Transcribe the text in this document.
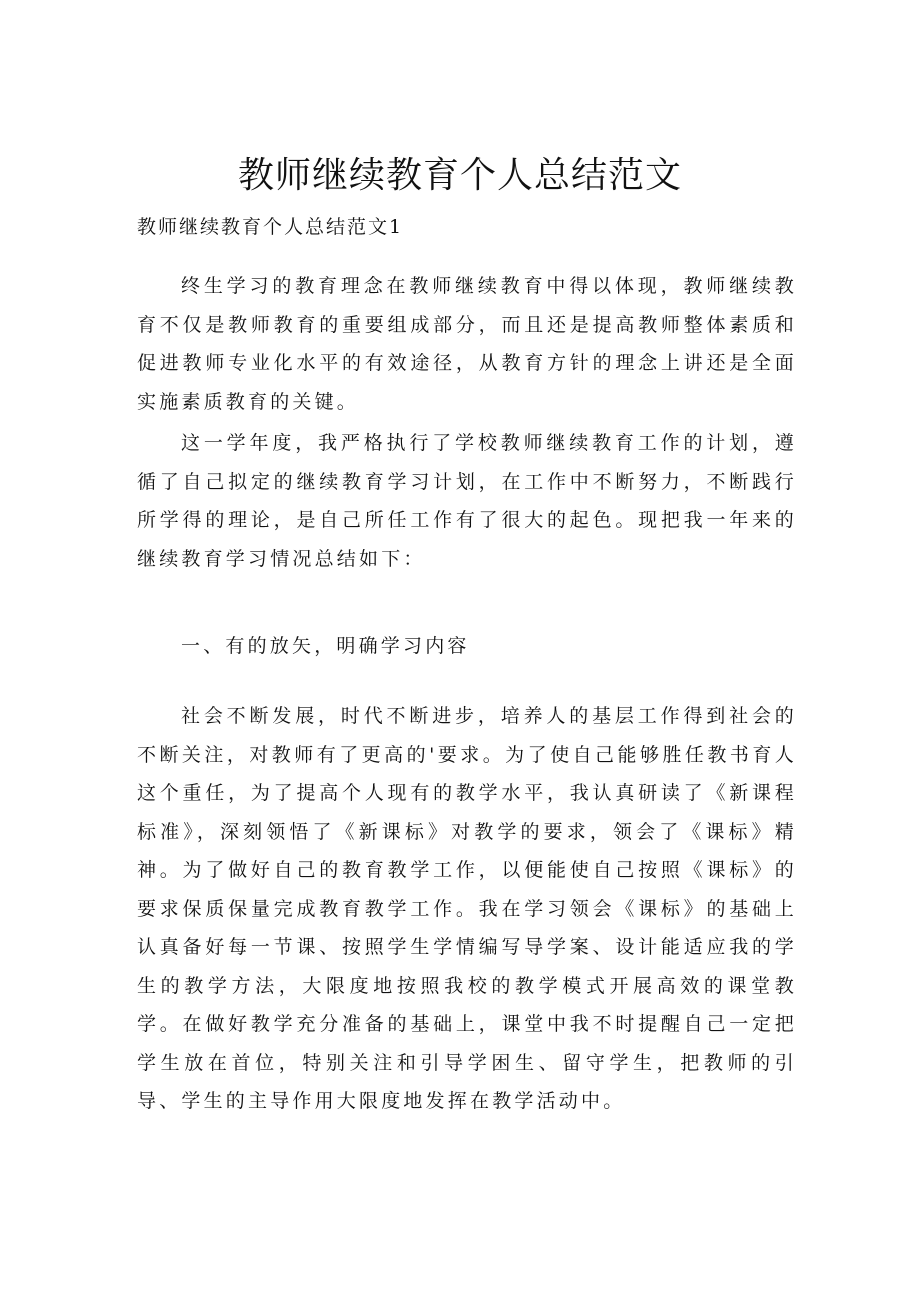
教师继续教育个人总结范文

教师继续教育个人总结范文1

终生学习的教育理念在教师继续教育中得以体现，教师继续教育不仅是教师教育的重要组成部分，而且还是提高教师整体素质和促进教师专业化水平的有效途径，从教育方针的理念上讲还是全面实施素质教育的关键。

这一学年度，我严格执行了学校教师继续教育工作的计划，遵循了自己拟定的继续教育学习计划，在工作中不断努力，不断践行所学得的理论，是自己所任工作有了很大的起色。现把我一年来的继续教育学习情况总结如下：

一、有的放矢，明确学习内容

社会不断发展，时代不断进步，培养人的基层工作得到社会的不断关注，对教师有了更高的'要求。为了使自己能够胜任教书育人这个重任，为了提高个人现有的教学水平，我认真研读了《新课程标准》，深刻领悟了《新课标》对教学的要求，领会了《课标》精神。为了做好自己的教育教学工作，以便能使自己按照《课标》的要求保质保量完成教育教学工作。我在学习领会《课标》的基础上认真备好每一节课、按照学生学情编写导学案、设计能适应我的学生的教学方法，大限度地按照我校的教学模式开展高效的课堂教学。在做好教学充分准备的基础上，课堂中我不时提醒自己一定把学生放在首位，特别关注和引导学困生、留守学生，把教师的引导、学生的主导作用大限度地发挥在教学活动中。
